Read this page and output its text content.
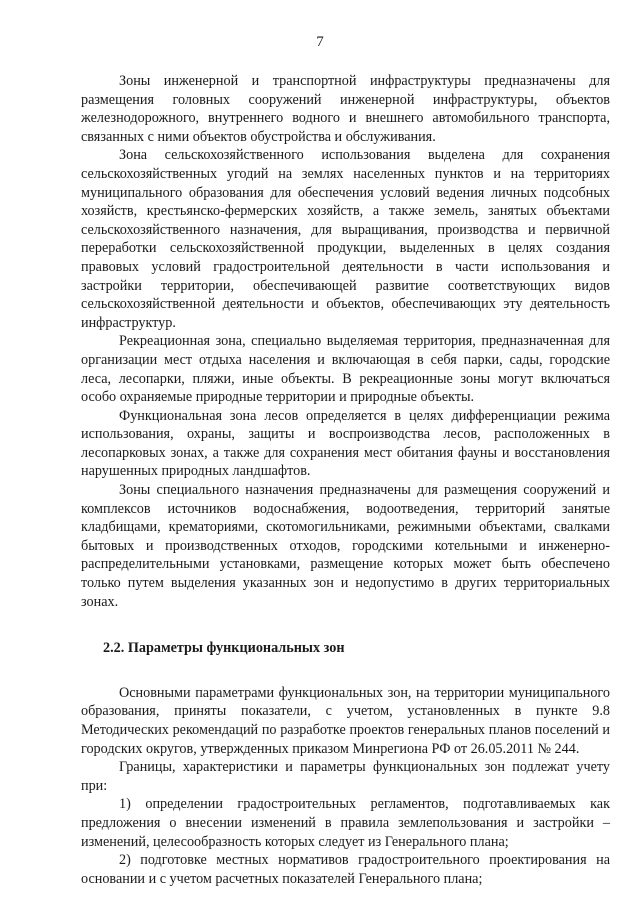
7

Зоны инженерной и транспортной инфраструктуры предназначены для размещения головных сооружений инженерной инфраструктуры, объектов железнодорожного, внутреннего водного и внешнего автомобильного транспорта, связанных с ними объектов обустройства и обслуживания.

Зона сельскохозяйственного использования выделена для сохранения сельскохозяйственных угодий на землях населенных пунктов и на территориях муниципального образования для обеспечения условий ведения личных подсобных хозяйств, крестьянско-фермерских хозяйств, а также земель, занятых объектами сельскохозяйственного назначения, для выращивания, производства и первичной переработки сельскохозяйственной продукции, выделенных в целях создания правовых условий градостроительной деятельности в части использования и застройки территории, обеспечивающей развитие соответствующих видов сельскохозяйственной деятельности и объектов, обеспечивающих эту деятельность инфраструктур.

Рекреационная зона, специально выделяемая территория, предназначенная для организации мест отдыха населения и включающая в себя парки, сады, городские леса, лесопарки, пляжи, иные объекты. В рекреационные зоны могут включаться особо охраняемые природные территории и природные объекты.

Функциональная зона лесов определяется в целях дифференциации режима использования, охраны, защиты и воспроизводства лесов, расположенных в лесопарковых зонах, а также для сохранения мест обитания фауны и восстановления нарушенных природных ландшафтов.

Зоны специального назначения предназначены для размещения сооружений и комплексов источников водоснабжения, водоотведения, территорий занятые кладбищами, крематориями, скотомогильниками, режимными объектами, свалками бытовых и производственных отходов, городскими котельными и инженерно-распределительными установками, размещение которых может быть обеспечено только путем выделения указанных зон и недопустимо в других территориальных зонах.

2.2. Параметры функциональных зон

Основными параметрами функциональных зон, на территории муниципального образования, приняты показатели, с учетом, установленных в пункте 9.8 Методических рекомендаций по разработке проектов генеральных планов поселений и городских округов, утвержденных приказом Минрегиона РФ от 26.05.2011 № 244.

Границы, характеристики и параметры функциональных зон подлежат учету при:

1) определении градостроительных регламентов, подготавливаемых как предложения о внесении изменений в правила землепользования и застройки – изменений, целесообразность которых следует из Генерального плана;

2) подготовке местных нормативов градостроительного проектирования на основании и с учетом расчетных показателей Генерального плана;
